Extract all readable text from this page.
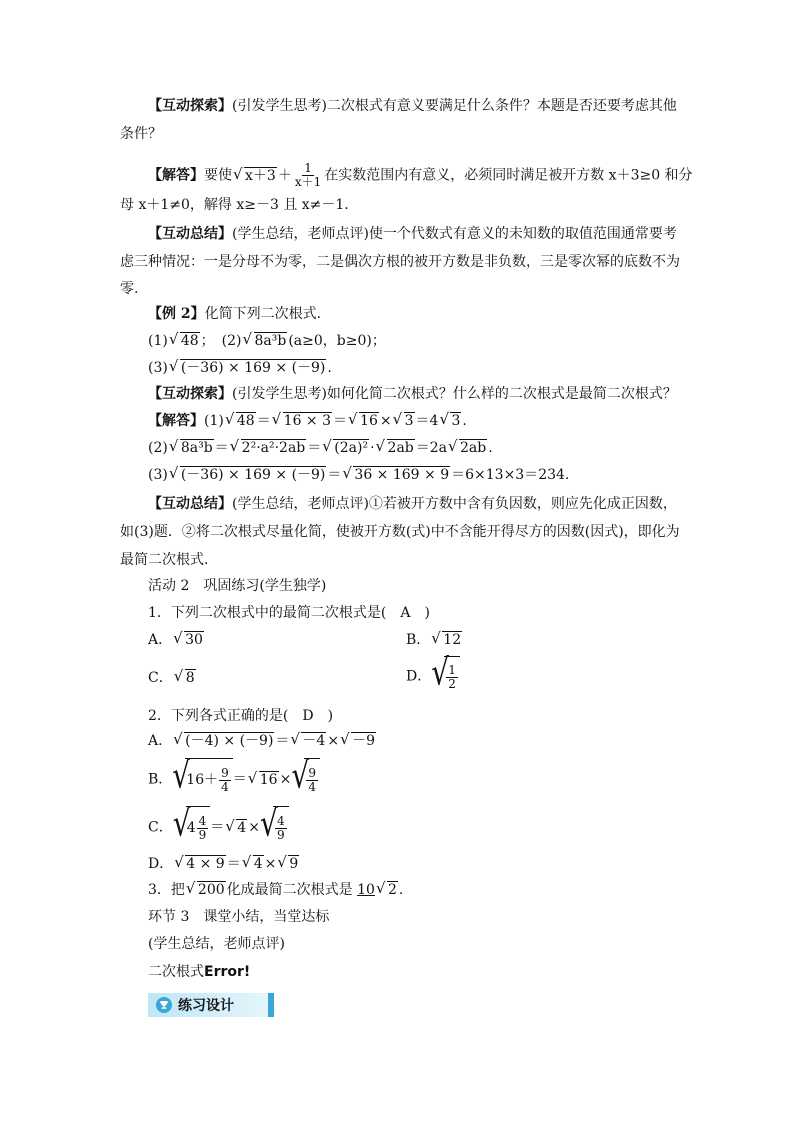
【互动探索】(引发学生思考)二次根式有意义要满足什么条件？本题是否还要考虑其他
条件？
【解答】要使 √ $x+3 + \frac{1}{x+1}$ 在实数范围内有意义，必须同时满足被开方数 x＋3≥0 和分
母 x＋1≠0，解得 x≥－3 且 x≠－1.
【互动总结】(学生总结，老师点评)使一个代数式有意义的未知数的取值范围通常要考
虑三种情况：一是分母不为零，二是偶次方根的被开方数是非负数，三是零次幂的底数不为
零.
【例 2】化简下列二次根式.
(1) √ 48 ；　(2) √ 8a³b (a≥0，b≥0)；
(3) √ (－36) × 169 × (－9) .
【互动探索】(引发学生思考)如何化简二次根式？什么样的二次根式是最简二次根式？
【解答】(1) √ 48 ＝ √ 16 × 3 ＝ √ 16 × √ 3 ＝4 √ 3 .
(2) √ 8a³b ＝ √ 2²·a²·2ab ＝ √ (2a)² · √ 2ab ＝2a √ 2ab .
(3) √ (－36) × 169 × (－9) ＝ √ 36 × 169 × 9 ＝6×13×3＝234.
【互动总结】(学生总结，老师点评)①若被开方数中含有负因数，则应先化成正因数，
如(3)题．②将二次根式尽量化简，使被开方数(式)中不含能开得尽方的因数(因式)，即化为
最简二次根式.
活动 2　巩固练习(学生独学)
1．下列二次根式中的最简二次根式是(　A　)
A． √ 30	B． √ 12
C． √ 8	D． √ $\frac{1}{2}$
2．下列各式正确的是(　D　)
A． √ (－4) × (－9) ＝ √ －4 × √ －9
B． √ $16+ \frac{9}{4}$ ＝ √ 16 × √ $\frac{9}{4}$
C． √ $4 \frac{4}{9}$ ＝ √ 4 × √ $\frac{4}{9}$
D． √ 4 × 9 ＝ √ 4 × √ 9
3．把 √ 200 化成最简二次根式是 10 √ 2 .
环节 3　课堂小结，当堂达标
(学生总结，老师点评)
二次根式Error!
练习设计
